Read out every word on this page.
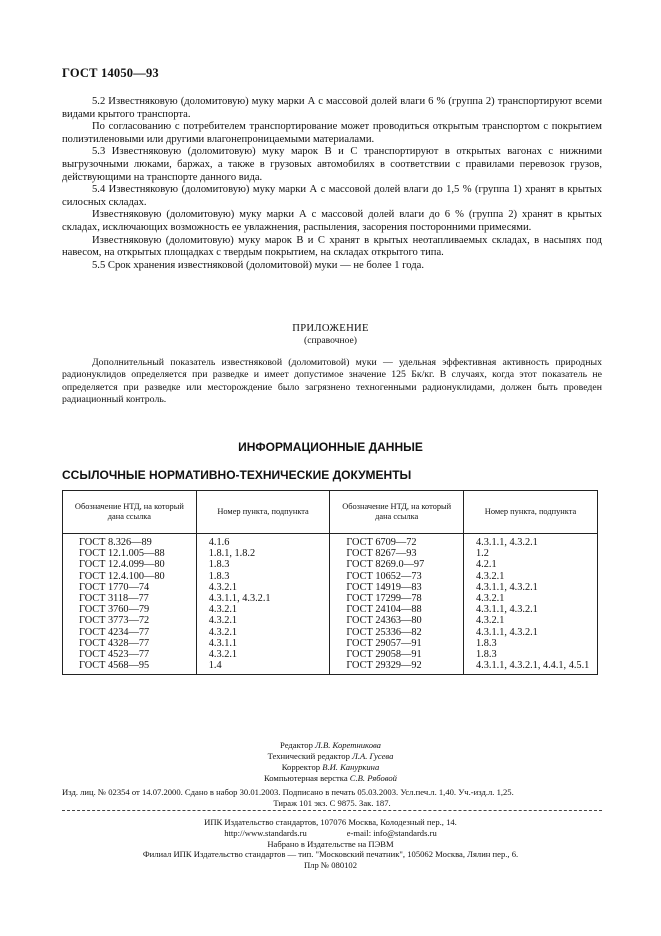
ГОСТ 14050—93

5.2 Известняковую (доломитовую) муку марки А с массовой долей влаги 6 % (группа 2) транспортируют всеми видами крытого транспорта.

По согласованию с потребителем транспортирование может проводиться открытым транспортом с покрытием полиэтиленовыми или другими влагонепроницаемыми материалами.

5.3 Известняковую (доломитовую) муку марок В и С транспортируют в открытых вагонах с нижними выгрузочными люками, баржах, а также в грузовых автомобилях в соответствии с правилами перевозок грузов, действующими на транспорте данного вида.

5.4 Известняковую (доломитовую) муку марки А с массовой долей влаги до 1,5 % (группа 1) хранят в крытых силосных складах.

Известняковую (доломитовую) муку марки А с массовой долей влаги до 6 % (группа 2) хранят в крытых складах, исключающих возможность ее увлажнения, распыления, засорения посторонними примесями.

Известняковую (доломитовую) муку марок В и С хранят в крытых неотапливаемых складах, в насыпях под навесом, на открытых площадках с твердым покрытием, на складах открытого типа.

5.5 Срок хранения известняковой (доломитовой) муки — не более 1 года.

ПРИЛОЖЕНИЕ
(справочное)

Дополнительный показатель известняковой (доломитовой) муки — удельная эффективная активность природных радионуклидов определяется при разведке и имеет допустимое значение 125 Бк/кг. В случаях, когда этот показатель не определяется при разведке или месторождение было загрязнено техногенными радионуклидами, должен быть проведен радиационный контроль.

ИНФОРМАЦИОННЫЕ ДАННЫЕ
ССЫЛОЧНЫЕ НОРМАТИВНО-ТЕХНИЧЕСКИЕ ДОКУМЕНТЫ
Обозначение НТД, на который дана ссылка	Номер пункта, подпункта	Обозначение НТД, на который дана ссылка	Номер пункта, подпункта
ГОСТ 8.326—89	4.1.6	ГОСТ 6709—72	4.3.1.1, 4.3.2.1
ГОСТ 12.1.005—88	1.8.1, 1.8.2	ГОСТ 8267—93	1.2
ГОСТ 12.4.099—80	1.8.3	ГОСТ 8269.0—97	4.2.1
ГОСТ 12.4.100—80	1.8.3	ГОСТ 10652—73	4.3.2.1
ГОСТ 1770—74	4.3.2.1	ГОСТ 14919—83	4.3.1.1, 4.3.2.1
ГОСТ 3118—77	4.3.1.1, 4.3.2.1	ГОСТ 17299—78	4.3.2.1
ГОСТ 3760—79	4.3.2.1	ГОСТ 24104—88	4.3.1.1, 4.3.2.1
ГОСТ 3773—72	4.3.2.1	ГОСТ 24363—80	4.3.2.1
ГОСТ 4234—77	4.3.2.1	ГОСТ 25336—82	4.3.1.1, 4.3.2.1
ГОСТ 4328—77	4.3.1.1	ГОСТ 29057—91	1.8.3
ГОСТ 4523—77	4.3.2.1	ГОСТ 29058—91	1.8.3
ГОСТ 4568—95	1.4	ГОСТ 29329—92	4.3.1.1, 4.3.2.1, 4.4.1, 4.5.1
Редактор Л.В. Коретникова
Технический редактор Л.А. Гусева
Корректор В.И. Кануркина
Компьютерная верстка С.В. Рябовой
Изд. лиц. № 02354 от 14.07.2000. Сдано в набор 30.01.2003. Подписано в печать 05.03.2003. Усл.печ.л. 1,40. Уч.-изд.л. 1,25.
Тираж 101 экз. С 9875. Зак. 187.
ИПК Издательство стандартов, 107076 Москва, Колодезный пер., 14.
http://www.standards.ru	e-mail: info@standards.ru
Набрано в Издательстве на ПЭВМ
Филиал ИПК Издательство стандартов — тип. "Московский печатник", 105062 Москва, Лялин пер., 6.
Плр № 080102
